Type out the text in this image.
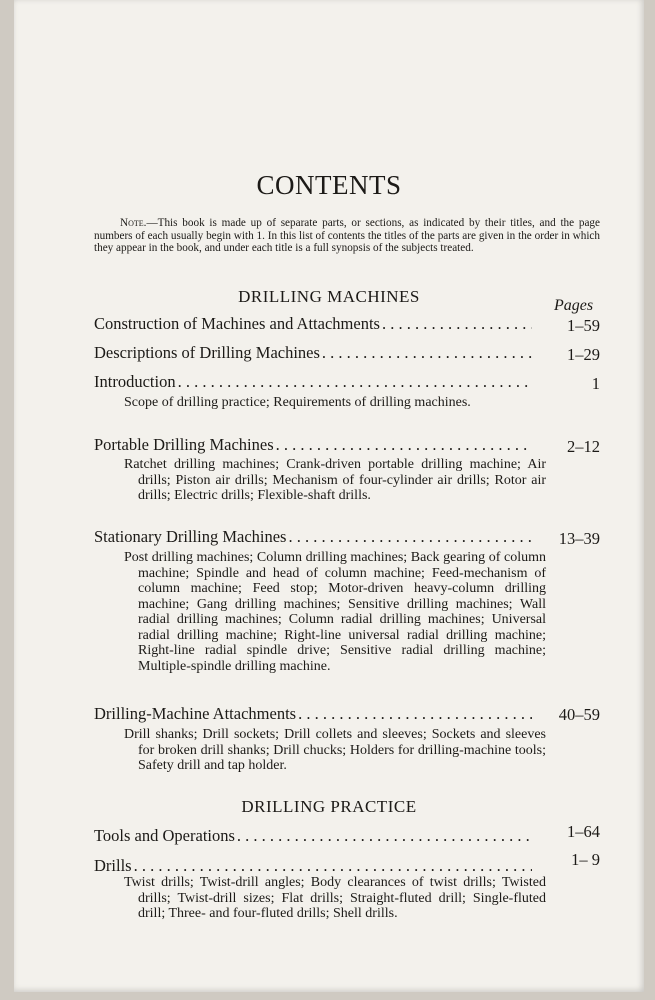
CONTENTS
Note.—This book is made up of separate parts, or sections, as indicated by their titles, and the page numbers of each usually begin with 1. In this list of contents the titles of the parts are given in the order in which they appear in the book, and under each title is a full synopsis of the subjects treated.
DRILLING MACHINES	Pages
Construction of Machines and Attachments . . .	1–59
Descriptions of Drilling Machines . . .	1–29
Introduction . . .	1
Scope of drilling practice; Requirements of drilling machines.
Portable Drilling Machines . . .	2–12
Ratchet drilling machines; Crank-driven portable drilling machine; Air drills; Piston air drills; Mechanism of four-cylinder air drills; Rotor air drills; Electric drills; Flexible-shaft drills.
Stationary Drilling Machines . . .	13–39
Post drilling machines; Column drilling machines; Back gearing of column machine; Spindle and head of column machine; Feed-mechanism of column machine; Feed stop; Motor-driven heavy-column drilling machine; Gang drilling machines; Sensitive drilling machines; Wall radial drilling machines; Column radial drilling machines; Universal radial drilling machine; Right-line universal radial drilling machine; Right-line radial spindle drive; Sensitive radial drilling machine; Multiple-spindle drilling machine.
Drilling-Machine Attachments . . .	40–59
Drill shanks; Drill sockets; Drill collets and sleeves; Sockets and sleeves for broken drill shanks; Drill chucks; Holders for drilling-machine tools; Safety drill and tap holder.
DRILLING PRACTICE
Tools and Operations . . .	1–64
Drills . . .	1– 9
Twist drills; Twist-drill angles; Body clearances of twist drills; Twisted drills; Twist-drill sizes; Flat drills; Straight-fluted drill; Single-fluted drill; Three- and four-fluted drills; Shell drills.
